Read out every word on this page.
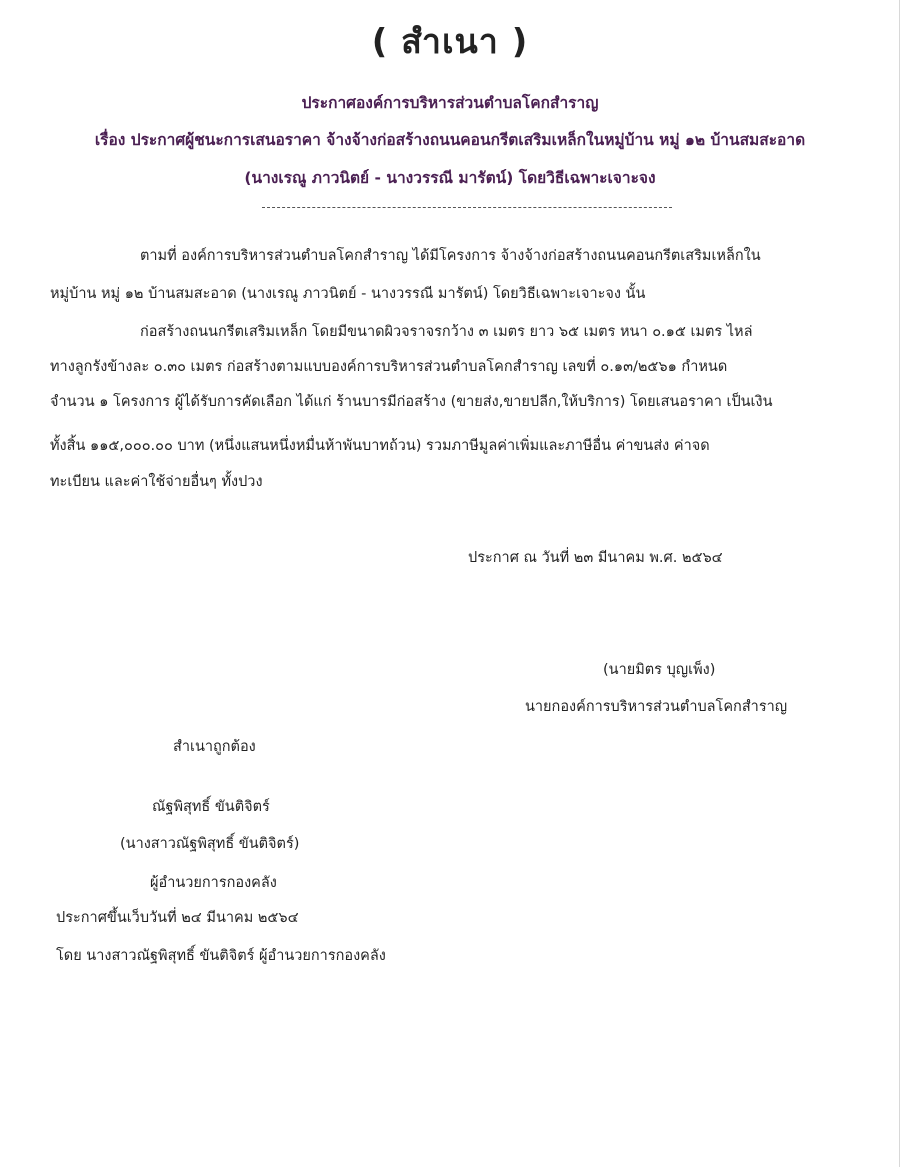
( สำเนา )
ประกาศองค์การบริหารส่วนตำบลโคกสำราญ
เรื่อง ประกาศผู้ชนะการเสนอราคา จ้างจ้างก่อสร้างถนนคอนกรีตเสริมเหล็กในหมู่บ้าน หมู่ ๑๒ บ้านสมสะอาด
(นางเรณู ภาวนิตย์ - นางวรรณี มารัตน์) โดยวิธีเฉพาะเจาะจง
ตามที่ องค์การบริหารส่วนตำบลโคกสำราญ ได้มีโครงการ จ้างจ้างก่อสร้างถนนคอนกรีตเสริมเหล็กใน
หมู่บ้าน หมู่ ๑๒ บ้านสมสะอาด (นางเรณู ภาวนิตย์ - นางวรรณี มารัตน์) โดยวิธีเฉพาะเจาะจง นั้น
ก่อสร้างถนนกรีตเสริมเหล็ก โดยมีขนาดผิวจราจรกว้าง ๓ เมตร ยาว ๖๕ เมตร หนา ๐.๑๕ เมตร ไหล่
ทางลูกรังข้างละ ๐.๓๐ เมตร ก่อสร้างตามแบบองค์การบริหารส่วนตำบลโคกสำราญ เลขที่ ๐.๑๓/๒๕๖๑ กำหนด
จำนวน ๑ โครงการ ผู้ได้รับการคัดเลือก ได้แก่ ร้านบารมีก่อสร้าง (ขายส่ง,ขายปลีก,ให้บริการ) โดยเสนอราคา เป็นเงิน
ทั้งสิ้น ๑๑๕,๐๐๐.๐๐ บาท (หนึ่งแสนหนึ่งหมื่นห้าพันบาทถ้วน) รวมภาษีมูลค่าเพิ่มและภาษีอื่น ค่าขนส่ง ค่าจด
ทะเบียน และค่าใช้จ่ายอื่นๆ ทั้งปวง
ประกาศ ณ วันที่ ๒๓ มีนาคม พ.ศ. ๒๕๖๔
(นายมิตร บุญเพ็ง)
นายกองค์การบริหารส่วนตำบลโคกสำราญ
สำเนาถูกต้อง
ณัฐพิสุทธิ์ ขันติจิตร์
(นางสาวณัฐพิสุทธิ์ ขันติจิตร์)
ผู้อำนวยการกองคลัง
ประกาศขึ้นเว็บวันที่ ๒๔ มีนาคม ๒๕๖๔
โดย นางสาวณัฐพิสุทธิ์ ขันติจิตร์ ผู้อำนวยการกองคลัง
